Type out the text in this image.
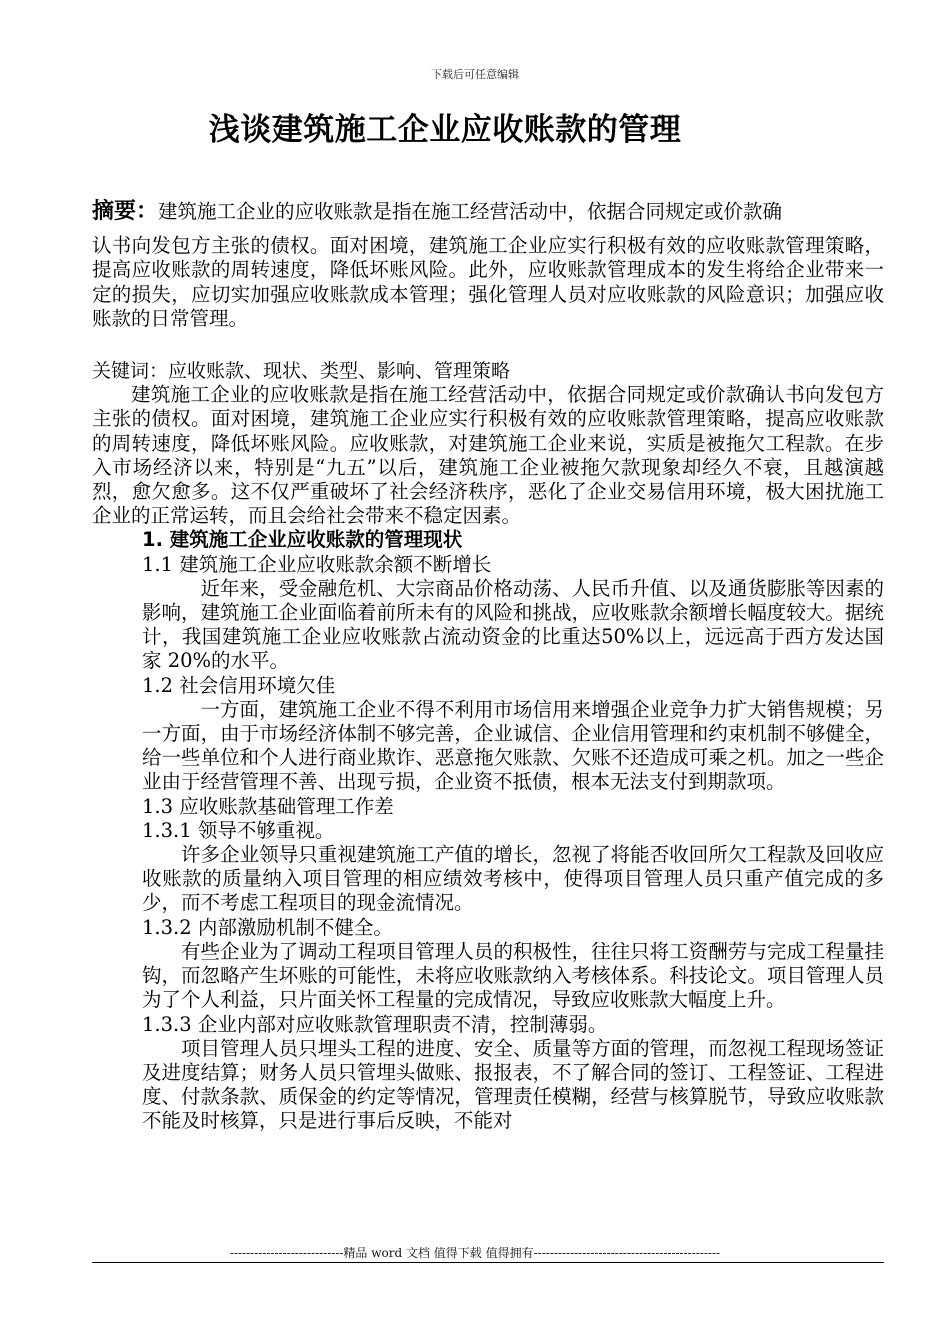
下载后可任意编辑
浅谈建筑施工企业应收账款的管理
摘要：建筑施工企业的应收账款是指在施工经营活动中，依据合同规定或价款确
认书向发包方主张的债权。面对困境，建筑施工企业应实行积极有效的应收账款管理策略，提高应收账款的周转速度，降低坏账风险。此外，应收账款管理成本的发生将给企业带来一定的损失，应切实加强应收账款成本管理；强化管理人员对应收账款的风险意识；加强应收账款的日常管理。
关键词：应收账款、现状、类型、影响、管理策略

建筑施工企业的应收账款是指在施工经营活动中，依据合同规定或价款确认书向发包方主张的债权。面对困境，建筑施工企业应实行积极有效的应收账款管理策略，提高应收账款的周转速度，降低坏账风险。应收账款，对建筑施工企业来说，实质是被拖欠工程款。在步入市场经济以来，特别是“九五”以后，建筑施工企业被拖欠款现象却经久不衰，且越演越烈，愈欠愈多。这不仅严重破坏了社会经济秩序，恶化了企业交易信用环境，极大困扰施工企业的正常运转，而且会给社会带来不稳定因素。

1. 建筑施工企业应收账款的管理现状

1.1 建筑施工企业应收账款余额不断增长

近年来，受金融危机、大宗商品价格动荡、人民币升值、以及通货膨胀等因素的影响，建筑施工企业面临着前所未有的风险和挑战，应收账款余额增长幅度较大。据统计，我国建筑施工企业应收账款占流动资金的比重达50%以上，远远高于西方发达国家 20%的水平。

1.2 社会信用环境欠佳

一方面，建筑施工企业不得不利用市场信用来增强企业竞争力扩大销售规模；另一方面，由于市场经济体制不够完善，企业诚信、企业信用管理和约束机制不够健全，给一些单位和个人进行商业欺诈、恶意拖欠账款、欠账不还造成可乘之机。加之一些企业由于经营管理不善、出现亏损，企业资不抵债，根本无法支付到期款项。

1.3 应收账款基础管理工作差

1.3.1 领导不够重视。

许多企业领导只重视建筑施工产值的增长，忽视了将能否收回所欠工程款及回收应收账款的质量纳入项目管理的相应绩效考核中，使得项目管理人员只重产值完成的多少，而不考虑工程项目的现金流情况。

1.3.2 内部激励机制不健全。

有些企业为了调动工程项目管理人员的积极性，往往只将工资酬劳与完成工程量挂钩，而忽略产生坏账的可能性，未将应收账款纳入考核体系。科技论文。项目管理人员为了个人利益，只片面关怀工程量的完成情况，导致应收账款大幅度上升。

1.3.3 企业内部对应收账款管理职责不清，控制薄弱。

项目管理人员只埋头工程的进度、安全、质量等方面的管理，而忽视工程现场签证及进度结算；财务人员只管埋头做账、报报表，不了解合同的签订、工程签证、工程进度、付款条款、质保金的约定等情况，管理责任模糊，经营与核算脱节，导致应收账款不能及时核算，只是进行事后反映，不能对

----------------------------精品 word 文档 值得下载 值得拥有----------------------------------------------
